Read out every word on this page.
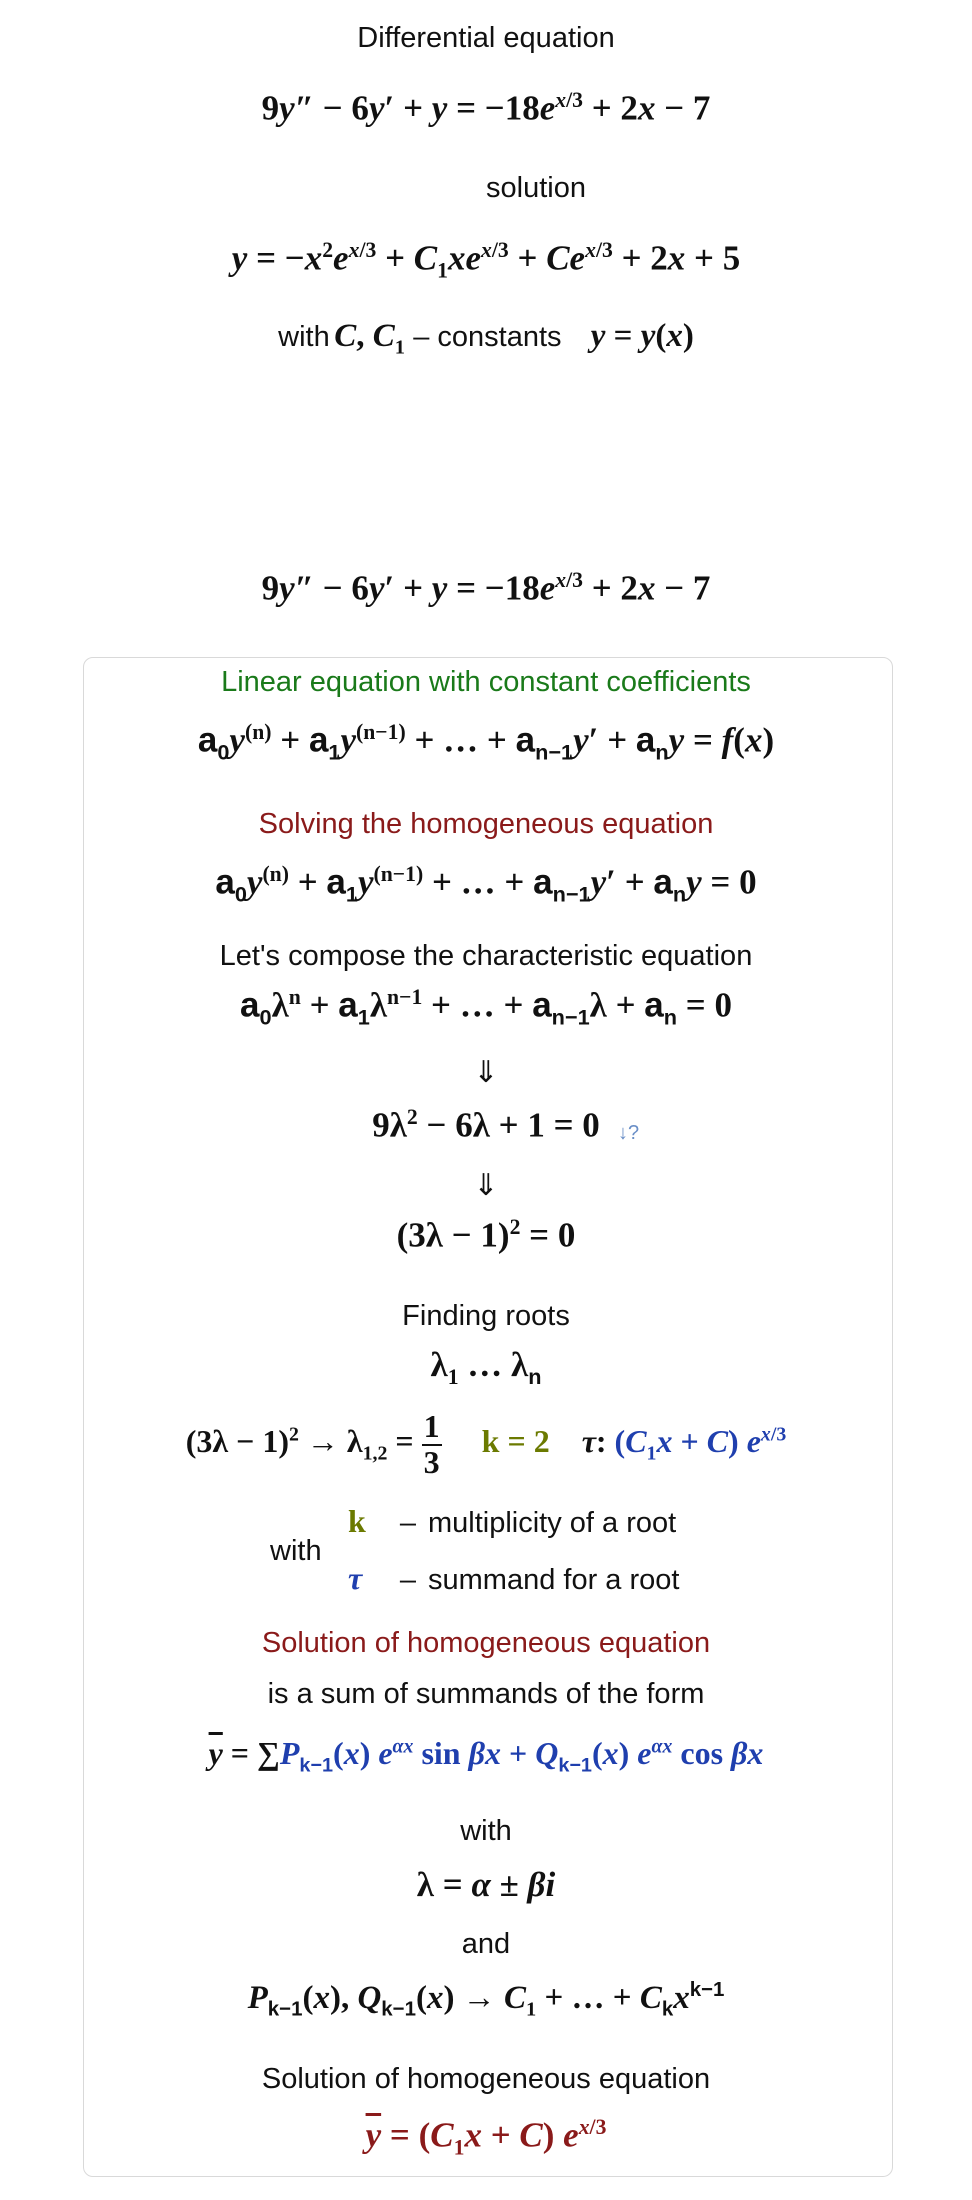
Differential equation
$9y'' - 6y' + y = -18e^{x/3} + 2x - 7$
solution
$y = -x^2e^{x/3} + C_1xe^{x/3} + Ce^{x/3} + 2x + 5$
with C, $C_1$ – constants y = y(x)
$9y'' - 6y' + y = -18e^{x/3} + 2x - 7$
Linear equation with constant coefficients
$a_0y^{(n)} + a_1y^{(n-1)}$ + … + $a_{n-1}y' + a_ny = f(x)$
Solving the homogeneous equation
$a_0y^{(n)} + a_1y^{(n-1)}$ + … + $a_{n-1}y' + a_ny = 0$
Let's compose the characteristic equation
$a_0\lambda^n + a_1\lambda^{n-1}$ + … + $a_{n-1}\lambda + a_n = 0$
⇓
$9\lambda^2 - 6\lambda + 1 = 0$ ↓?
⇓
$(3\lambda - 1)^2 = 0$
Finding roots
$\lambda_1$ … $\lambda_n$
$(3\lambda - 1)^2 \to \lambda_{1,2} = \frac{1}{3}$ k = 2 τ: $(C_1x + C)$ $e^{x/3}$
with
k – multiplicity of a root
τ – summand for a root
Solution of homogeneous equation
is a sum of summands of the form
$\overline{y} = \sum P_{k-1}(x)$ $e^{\alpha x}$ $\sin \beta x + Q_{k-1}(x)$ $e^{\alpha x}$ cos βx
with
λ = α ± βi
and
$P_{k-1}(x)$, $Q_{k-1}(x) \to C_1$ + … + $C_kx^{k-1}$
Solution of homogeneous equation
$\overline{y} = (C_1x + C)$ $e^{x/3}$
